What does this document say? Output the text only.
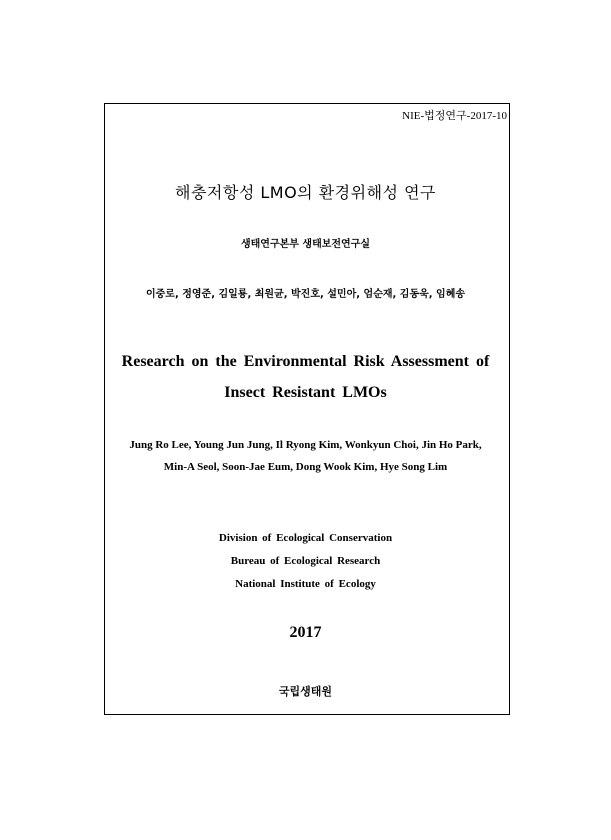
NIE-법정연구-2017-10
해충저항성 LMO의 환경위해성 연구
생태연구본부 생태보전연구실
이중로, 정영준, 김일룡, 최원균, 박진호, 설민아, 엄순재, 김동욱, 임혜송
Research on the Environmental Risk Assessment of
Insect Resistant LMOs
Jung Ro Lee, Young Jun Jung, Il Ryong Kim, Wonkyun Choi, Jin Ho Park,
Min-A Seol, Soon-Jae Eum, Dong Wook Kim, Hye Song Lim
Division of Ecological Conservation
Bureau of Ecological Research
National Institute of Ecology
2017
국립생태원
